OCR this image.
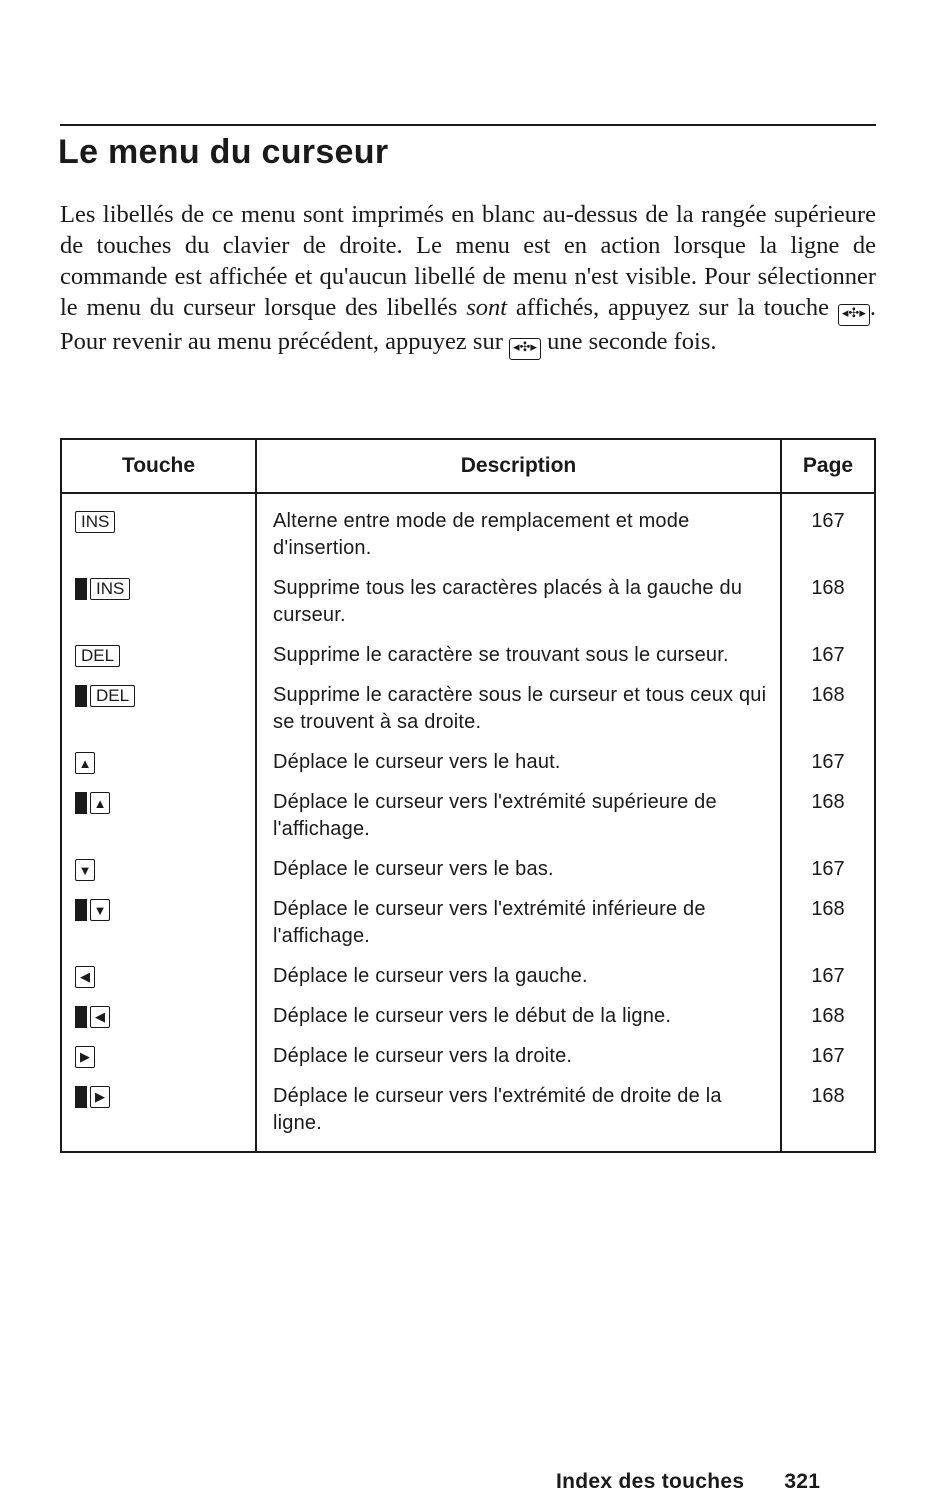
Le menu du curseur

Les libellés de ce menu sont imprimés en blanc au-dessus de la rangée supérieure de touches du clavier de droite. Le menu est en action lorsque la ligne de commande est affichée et qu'aucun libellé de menu n'est visible. Pour sélectionner le menu du curseur lorsque des libellés sont affichés, appuyez sur la touche ◂✣▸ . Pour revenir au menu précédent, appuyez sur ◂✣▸ une seconde fois.

Touche	Description	Page

INS	Alterne entre mode de remplacement et mode d'insertion.	167

INS	Supprime tous les caractères placés à la gauche du curseur.	168

DEL	Supprime le caractère se trouvant sous le curseur.	167

DEL	Supprime le caractère sous le curseur et tous ceux qui se trouvent à sa droite.	168

▲	Déplace le curseur vers le haut.	167

▲	Déplace le curseur vers l'extrémité supérieure de l'affichage.	168

▼	Déplace le curseur vers le bas.	167

▼	Déplace le curseur vers l'extrémité inférieure de l'affichage.	168

◀	Déplace le curseur vers la gauche.	167

◀	Déplace le curseur vers le début de la ligne.	168

▶	Déplace le curseur vers la droite.	167

▶	Déplace le curseur vers l'extrémité de droite de la ligne.	168
Index des touches 321
